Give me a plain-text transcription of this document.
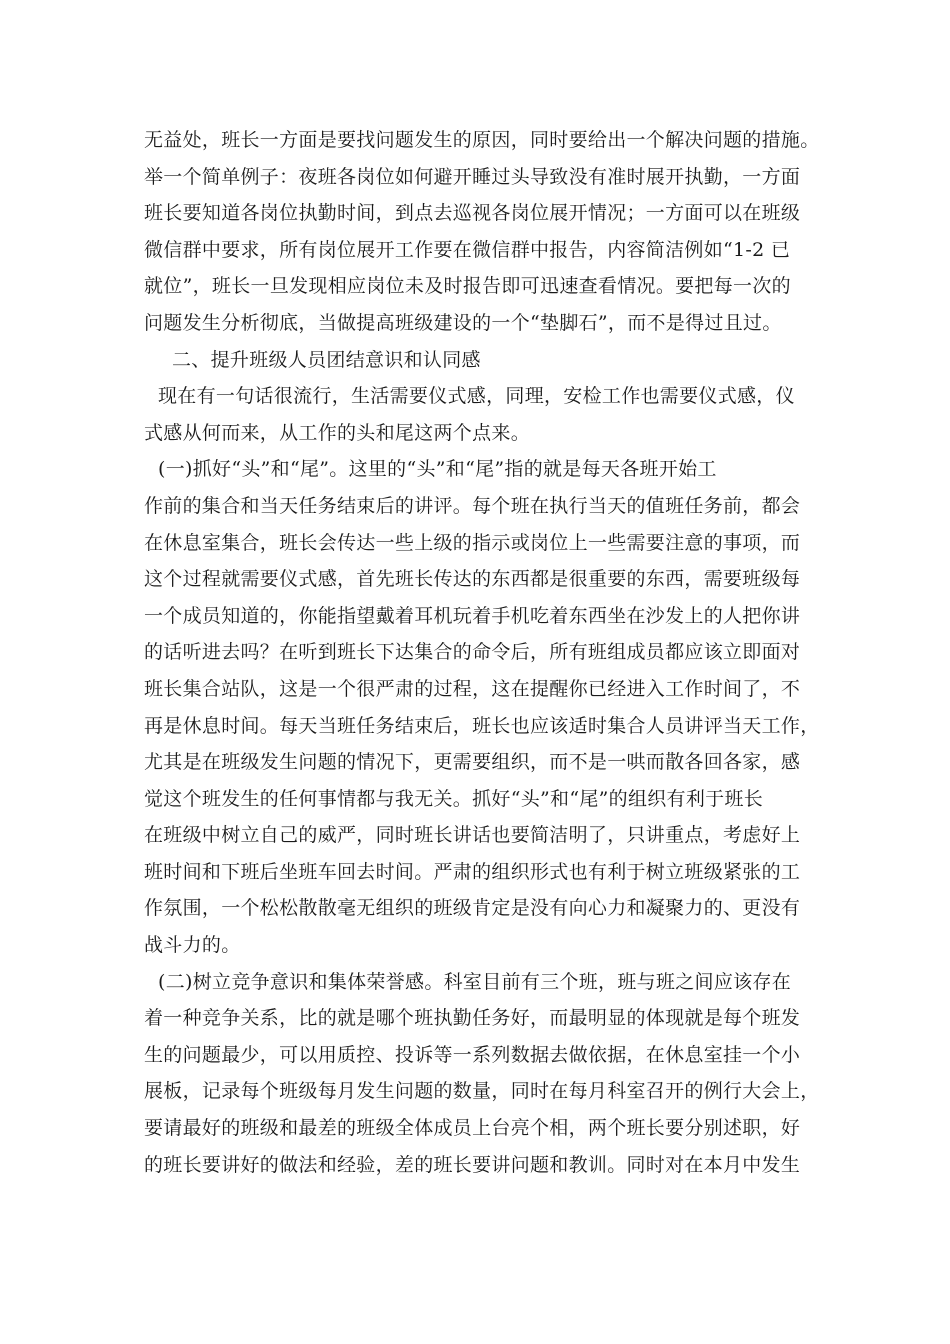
无益处，班长一方面是要找问题发生的原因，同时要给出一个解决问题的措施。
举一个简单例子：夜班各岗位如何避开睡过头导致没有准时展开执勤，一方面
班长要知道各岗位执勤时间，到点去巡视各岗位展开情况；一方面可以在班级
微信群中要求，所有岗位展开工作要在微信群中报告，内容简洁例如“1-2 已
就位”，班长一旦发现相应岗位未及时报告即可迅速查看情况。要把每一次的
问题发生分析彻底，当做提高班级建设的一个“垫脚石”，而不是得过且过。
二、提升班级人员团结意识和认同感
现在有一句话很流行，生活需要仪式感，同理，安检工作也需要仪式感，仪
式感从何而来，从工作的头和尾这两个点来。
(一)抓好“头”和“尾”。这里的“头”和“尾”指的就是每天各班开始工
作前的集合和当天任务结束后的讲评。每个班在执行当天的值班任务前，都会
在休息室集合，班长会传达一些上级的指示或岗位上一些需要注意的事项，而
这个过程就需要仪式感，首先班长传达的东西都是很重要的东西，需要班级每
一个成员知道的，你能指望戴着耳机玩着手机吃着东西坐在沙发上的人把你讲
的话听进去吗？在听到班长下达集合的命令后，所有班组成员都应该立即面对
班长集合站队，这是一个很严肃的过程，这在提醒你已经进入工作时间了，不
再是休息时间。每天当班任务结束后，班长也应该适时集合人员讲评当天工作，
尤其是在班级发生问题的情况下，更需要组织，而不是一哄而散各回各家，感
觉这个班发生的任何事情都与我无关。抓好“头”和“尾”的组织有利于班长
在班级中树立自己的威严，同时班长讲话也要简洁明了，只讲重点，考虑好上
班时间和下班后坐班车回去时间。严肃的组织形式也有利于树立班级紧张的工
作氛围，一个松松散散毫无组织的班级肯定是没有向心力和凝聚力的、更没有
战斗力的。
(二)树立竞争意识和集体荣誉感。科室目前有三个班，班与班之间应该存在
着一种竞争关系，比的就是哪个班执勤任务好，而最明显的体现就是每个班发
生的问题最少，可以用质控、投诉等一系列数据去做依据，在休息室挂一个小
展板，记录每个班级每月发生问题的数量，同时在每月科室召开的例行大会上，
要请最好的班级和最差的班级全体成员上台亮个相，两个班长要分别述职，好
的班长要讲好的做法和经验，差的班长要讲问题和教训。同时对在本月中发生
